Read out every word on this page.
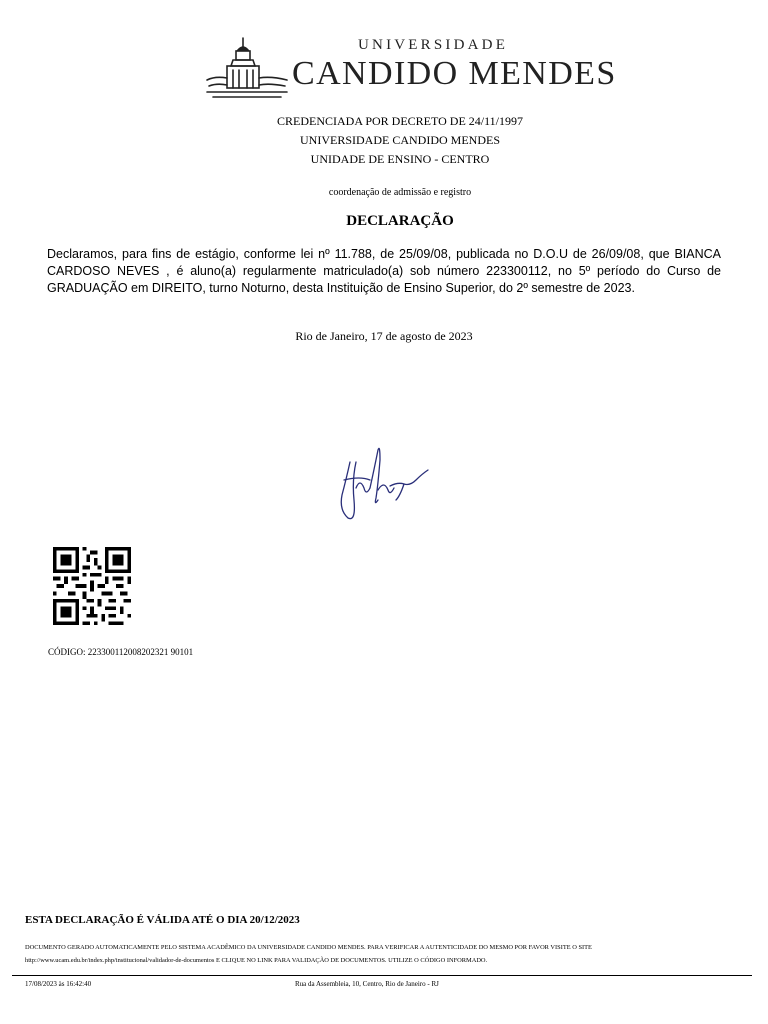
UNIVERSIDADE
CANDIDO MENDES
CREDENCIADA POR DECRETO DE 24/11/1997
UNIVERSIDADE CANDIDO MENDES
UNIDADE DE ENSINO - CENTRO
coordenação de admissão e registro
DECLARAÇÃO
Declaramos, para fins de estágio, conforme lei nº 11.788, de 25/09/08, publicada no D.O.U de 26/09/08, que BIANCA CARDOSO NEVES , é aluno(a) regularmente matriculado(a) sob número 223300112, no 5º período do Curso de GRADUAÇÃO em DIREITO, turno Noturno, desta Instituição de Ensino Superior, do 2º semestre de 2023.
Rio de Janeiro, 17 de agosto de 2023
CÓDIGO: 223300112008202321 90101
ESTA DECLARAÇÃO É VÁLIDA ATÉ O DIA 20/12/2023
DOCUMENTO GERADO AUTOMATICAMENTE PELO SISTEMA ACADÊMICO DA UNIVERSIDADE CANDIDO MENDES. PARA VERIFICAR A AUTENTICIDADE DO MESMO POR FAVOR VISITE O SITE
http://www.ucam.edu.br/index.php/institucional/validador-de-documentos E CLIQUE NO LINK PARA VALIDAÇÃO DE DOCUMENTOS. UTILIZE O CÓDIGO INFORMADO.
17/08/2023 às 16:42:40	Rua da Assembleia, 10, Centro, Rio de Janeiro - RJ
